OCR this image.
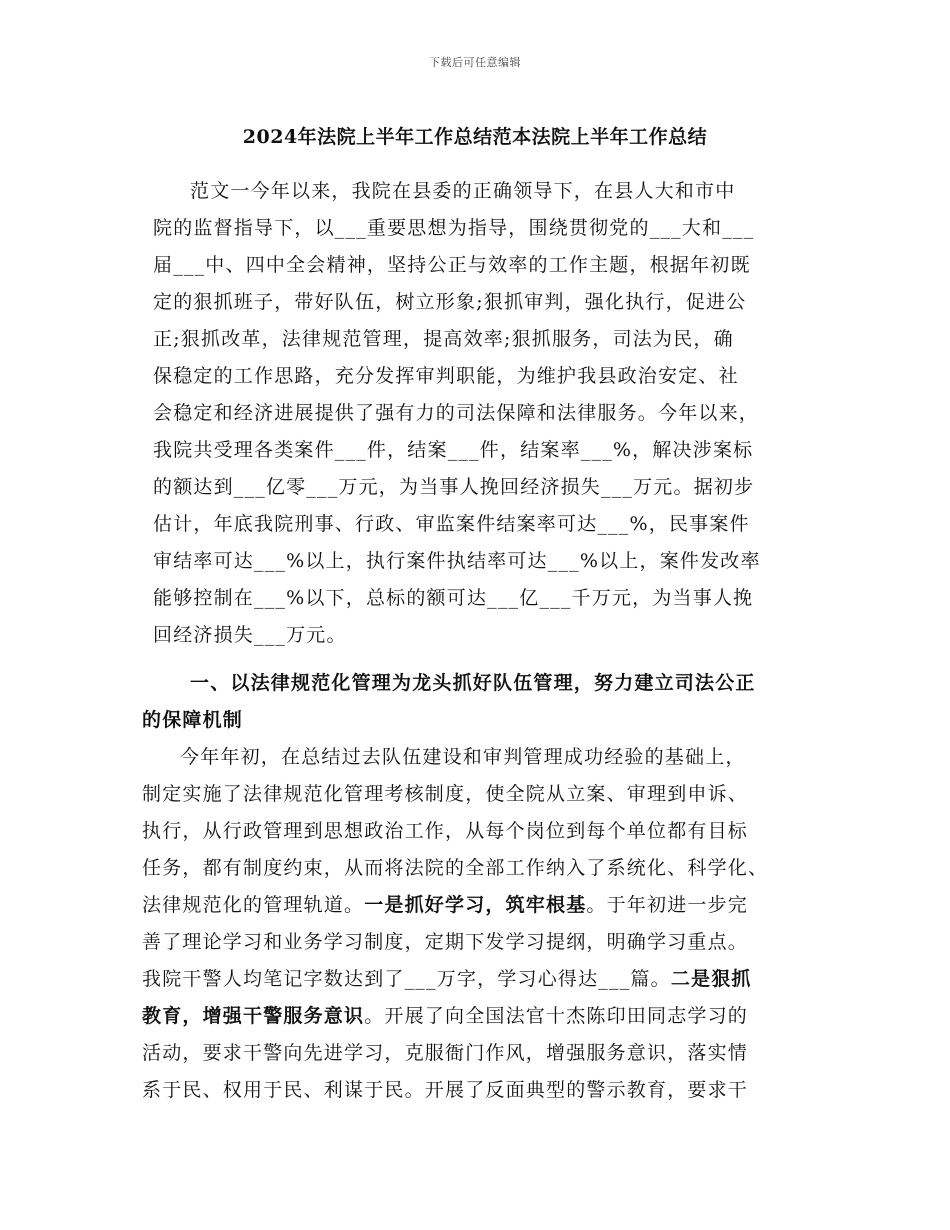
下载后可任意编辑
2024年法院上半年工作总结范本法院上半年工作总结
范文一今年以来，我院在县委的正确领导下，在县人大和市中
院的监督指导下，以___重要思想为指导，围绕贯彻党的___大和___
届___中、四中全会精神，坚持公正与效率的工作主题，根据年初既
定的狠抓班子，带好队伍，树立形象;狠抓审判，强化执行，促进公
正;狠抓改革，法律规范管理，提高效率;狠抓服务，司法为民，确
保稳定的工作思路，充分发挥审判职能，为维护我县政治安定、社
会稳定和经济进展提供了强有力的司法保障和法律服务。今年以来，
我院共受理各类案件___件，结案___件，结案率___%，解决涉案标
的额达到___亿零___万元，为当事人挽回经济损失___万元。据初步
估计，年底我院刑事、行政、审监案件结案率可达___%，民事案件
审结率可达___%以上，执行案件执结率可达___%以上，案件发改率
能够控制在___%以下，总标的额可达___亿___千万元，为当事人挽
回经济损失___万元。
一、以法律规范化管理为龙头抓好队伍管理，努力建立司法公正
的保障机制
今年年初，在总结过去队伍建设和审判管理成功经验的基础上，
制定实施了法律规范化管理考核制度，使全院从立案、审理到申诉、
执行，从行政管理到思想政治工作，从每个岗位到每个单位都有目标
任务，都有制度约束，从而将法院的全部工作纳入了系统化、科学化、
法律规范化的管理轨道。一是抓好学习，筑牢根基。于年初进一步完
善了理论学习和业务学习制度，定期下发学习提纲，明确学习重点。
我院干警人均笔记字数达到了___万字，学习心得达___篇。二是狠抓
教育，增强干警服务意识。开展了向全国法官十杰陈印田同志学习的
活动，要求干警向先进学习，克服衙门作风，增强服务意识，落实情
系于民、权用于民、利谋于民。开展了反面典型的警示教育，要求干
